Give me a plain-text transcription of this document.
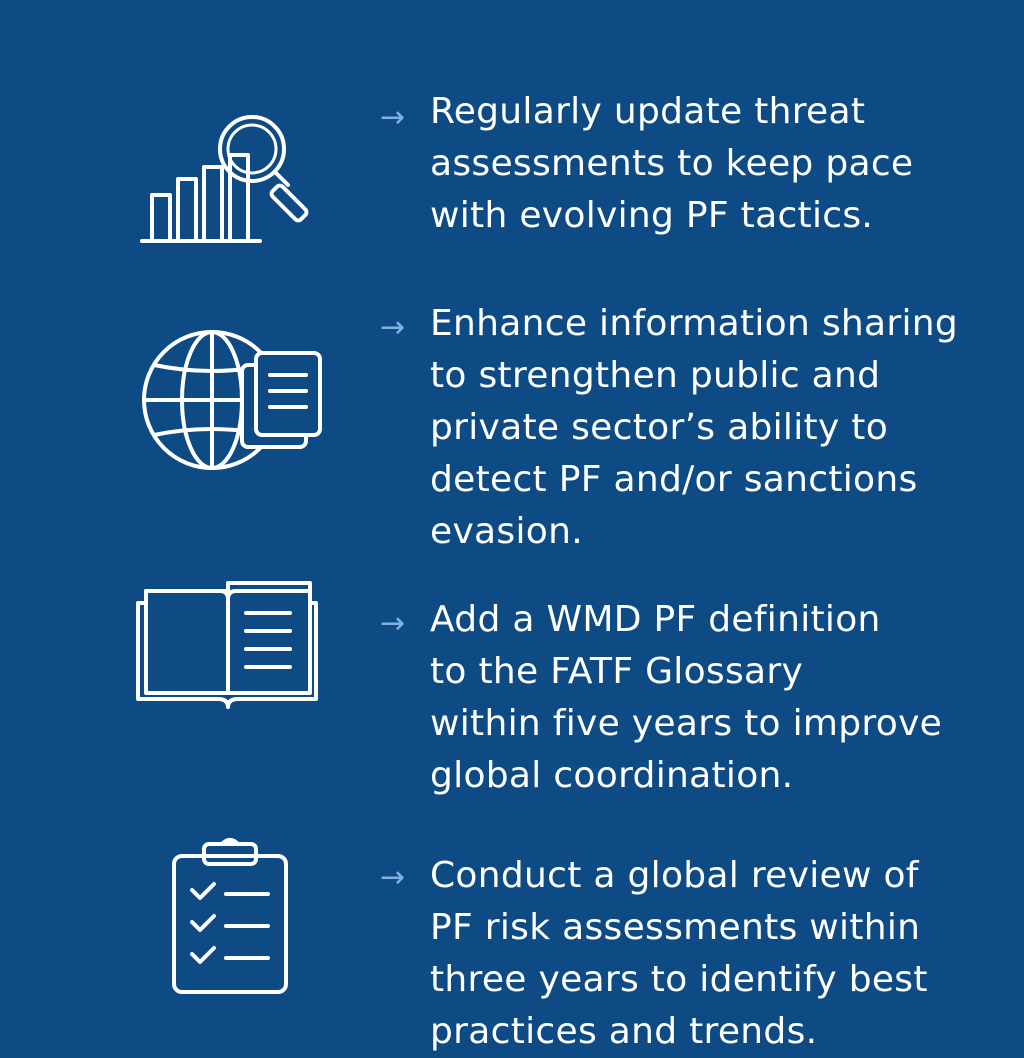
→ Regularly update threat
assessments to keep pace
with evolving PF tactics.
→ Enhance information sharing
to strengthen public and
private sector’s ability to
detect PF and/or sanctions
evasion.
→ Add a WMD PF definition
to the FATF Glossary
within five years to improve
global coordination.
→ Conduct a global review of
PF risk assessments within
three years to identify best
practices and trends.
